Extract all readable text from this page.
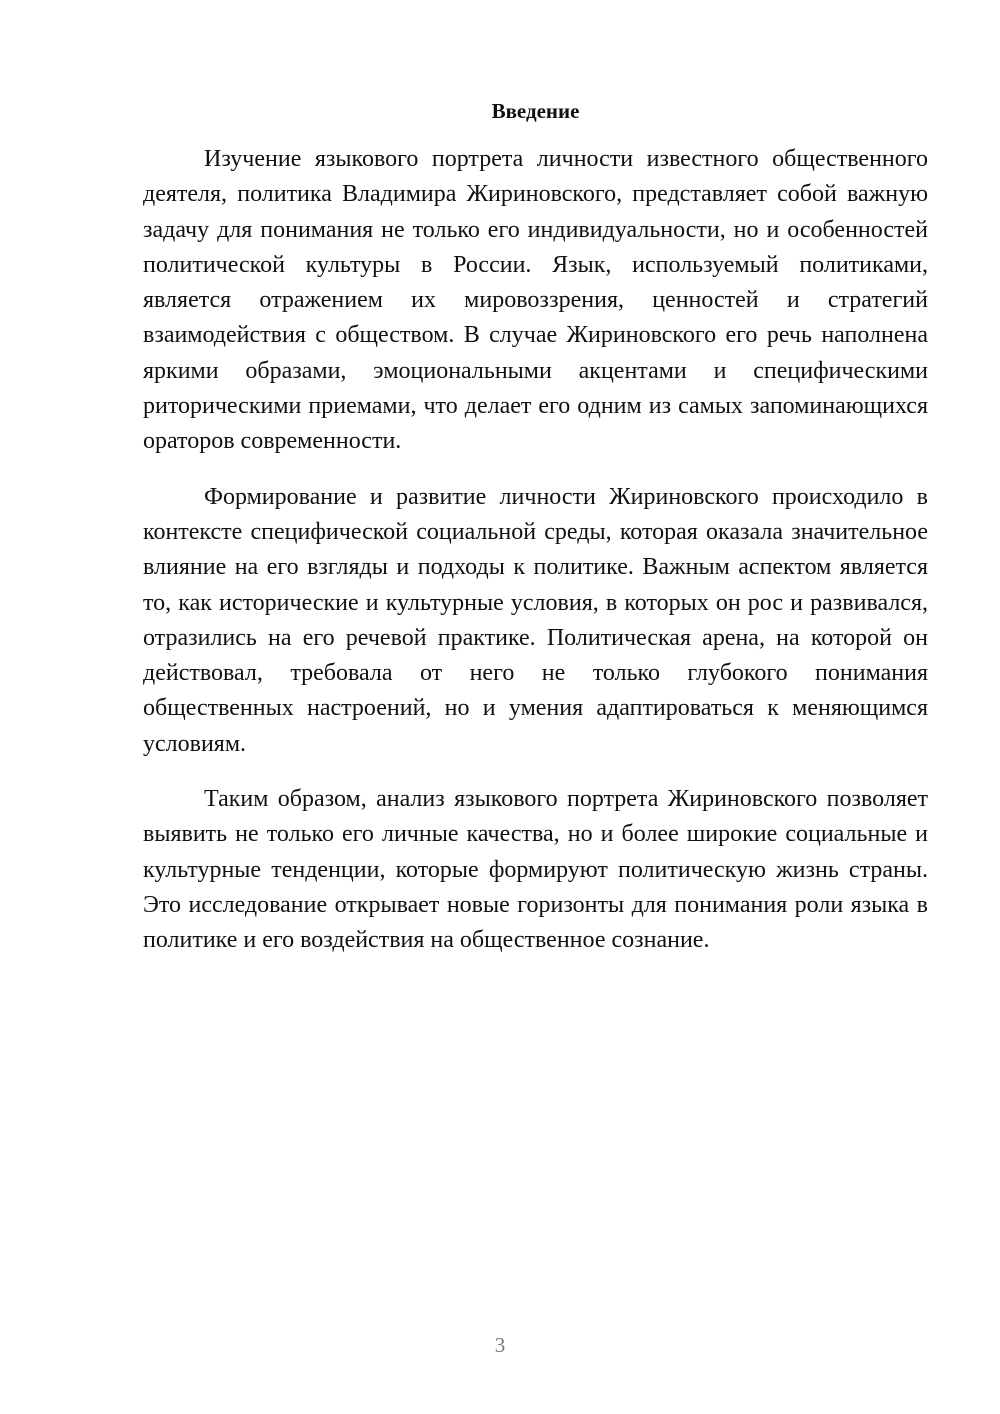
Введение

Изучение языкового портрета личности известного общественного деятеля, политика Владимира Жириновского, представляет собой важную задачу для понимания не только его индивидуальности, но и особенностей политической культуры в России. Язык, используемый политиками, является отражением их мировоззрения, ценностей и стратегий взаимодействия с обществом. В случае Жириновского его речь наполнена яркими образами, эмоциональными акцентами и специфическими риторическими приемами, что делает его одним из самых запоминающихся ораторов современности.

Формирование и развитие личности Жириновского происходило в контексте специфической социальной среды, которая оказала значительное влияние на его взгляды и подходы к политике. Важным аспектом является то, как исторические и культурные условия, в которых он рос и развивался, отразились на его речевой практике. Политическая арена, на которой он действовал, требовала от него не только глубокого понимания общественных настроений, но и умения адаптироваться к меняющимся условиям.

Таким образом, анализ языкового портрета Жириновского позволяет выявить не только его личные качества, но и более широкие социальные и культурные тенденции, которые формируют политическую жизнь страны. Это исследование открывает новые горизонты для понимания роли языка в политике и его воздействия на общественное сознание.

3
